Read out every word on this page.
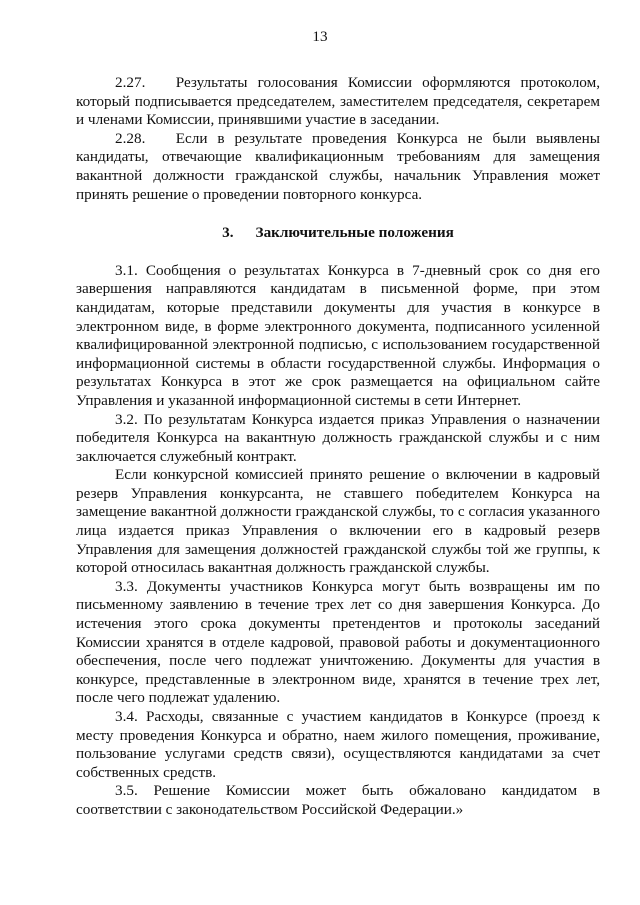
13

2.27.  Результаты голосования Комиссии оформляются протоколом, который подписывается председателем, заместителем председателя, секретарем и членами Комиссии, принявшими участие в заседании.

2.28.  Если в результате проведения Конкурса не были выявлены кандидаты, отвечающие квалификационным требованиям для замещения вакантной должности гражданской службы, начальник Управления может принять решение о проведении повторного конкурса.

3. Заключительные положения

3.1. Сообщения о результатах Конкурса в 7-дневный срок со дня его завершения направляются кандидатам в письменной форме, при этом кандидатам, которые представили документы для участия в конкурсе в электронном виде, в форме электронного документа, подписанного усиленной квалифицированной электронной подписью, с использованием государственной информационной системы в области государственной службы. Информация о результатах Конкурса в этот же срок размещается на официальном сайте Управления и указанной информационной системы в сети Интернет.

3.2. По результатам Конкурса издается приказ Управления о назначении победителя Конкурса на вакантную должность гражданской службы и с ним заключается служебный контракт.

Если конкурсной комиссией принято решение о включении в кадровый резерв Управления конкурсанта, не ставшего победителем Конкурса на замещение вакантной должности гражданской службы, то с согласия указанного лица издается приказ Управления о включении его в кадровый резерв Управления для замещения должностей гражданской службы той же группы, к которой относилась вакантная должность гражданской службы.

3.3. Документы участников Конкурса могут быть возвращены им по письменному заявлению в течение трех лет со дня завершения Конкурса. До истечения этого срока документы претендентов и протоколы заседаний Комиссии хранятся в отделе кадровой, правовой работы и документационного обеспечения, после чего подлежат уничтожению. Документы для участия в конкурсе, представленные в электронном виде, хранятся в течение трех лет, после чего подлежат удалению.

3.4. Расходы, связанные с участием кандидатов в Конкурсе (проезд к месту проведения Конкурса и обратно, наем жилого помещения, проживание, пользование услугами средств связи), осуществляются кандидатами за счет собственных средств.

3.5. Решение Комиссии может быть обжаловано кандидатом в соответствии с законодательством Российской Федерации.»
